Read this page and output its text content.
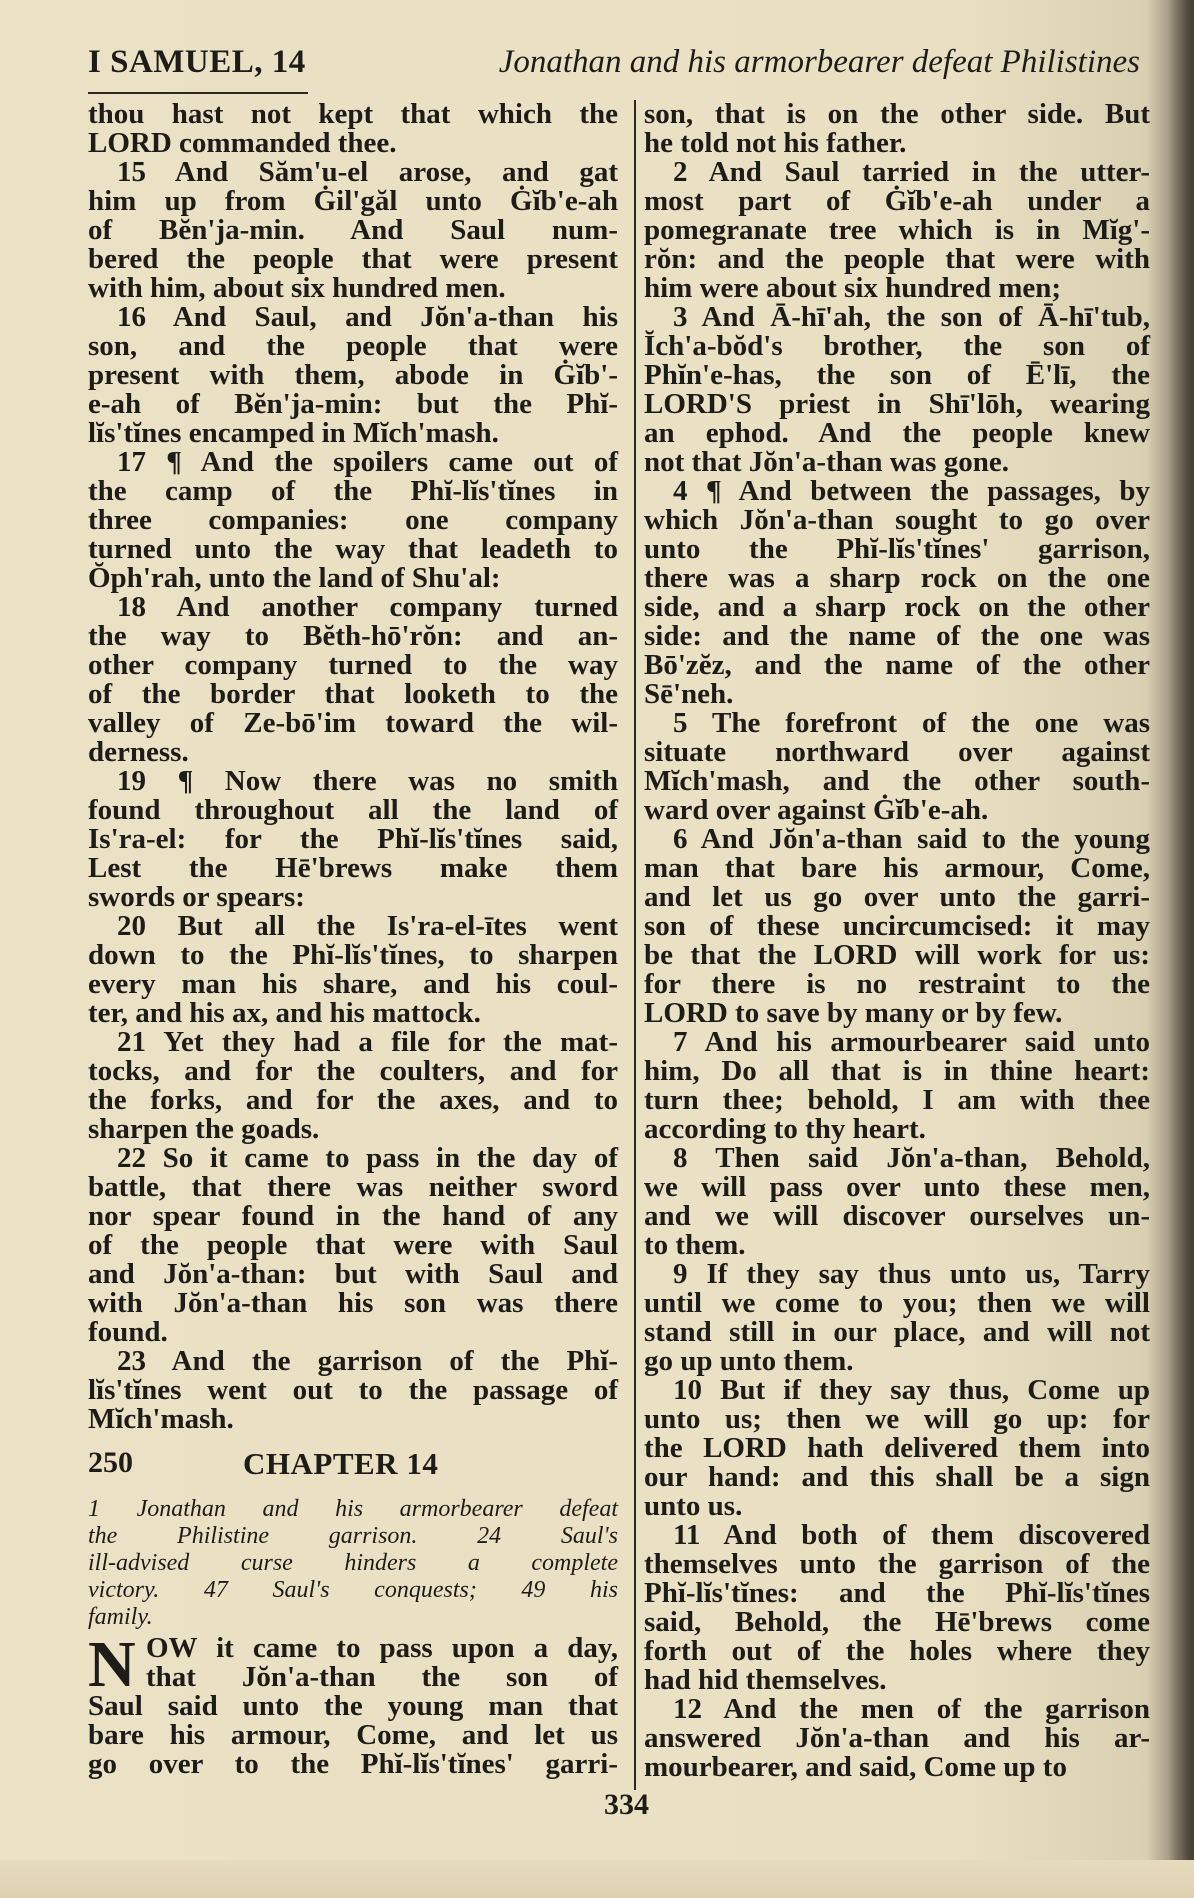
I SAMUEL, 14	Jonathan and his armorbearer defeat Philistines
thou hast not kept that which the
LORD commanded thee.
 15 And Săm'u-el arose, and gat
him up from Ġil'găl unto Ġĭb'e-ah
of Bĕn'ja-min. And Saul num-
bered the people that were present
with him, about six hundred men.
 16 And Saul, and Jŏn'a-than his
son, and the people that were
present with them, abode in Ġĭb'-
e-ah of Bĕn'ja-min: but the Phĭ-
lĭs'tĭnes encamped in Mĭch'mash.
 17 ¶ And the spoilers came out of
the camp of the Phĭ-lĭs'tĭnes in
three companies: one company
turned unto the way that leadeth to
Ŏph'rah, unto the land of Shu'al:
 18 And another company turned
the way to Bĕth-hō'rŏn: and an-
other company turned to the way
of the border that looketh to the
valley of Ze-bō'im toward the wil-
derness.
 19 ¶ Now there was no smith
found throughout all the land of
Is'ra-el: for the Phĭ-lĭs'tĭnes said,
Lest the Hē'brews make them
swords or spears:
 20 But all the Is'ra-el-ītes went
down to the Phĭ-lĭs'tĭnes, to sharpen
every man his share, and his coul-
ter, and his ax, and his mattock.
 21 Yet they had a file for the mat-
tocks, and for the coulters, and for
the forks, and for the axes, and to
sharpen the goads.
 22 So it came to pass in the day of
battle, that there was neither sword
nor spear found in the hand of any
of the people that were with Saul
and Jŏn'a-than: but with Saul and
with Jŏn'a-than his son was there
found.
 23 And the garrison of the Phĭ-
lĭs'tĭnes went out to the passage of
Mĭch'mash.
250	CHAPTER 14
1 Jonathan and his armorbearer defeat
the Philistine garrison. 24 Saul's
ill-advised curse hinders a complete
victory. 47 Saul's conquests; 49 his
family.
N OW it came to pass upon a day,
that Jŏn'a-than the son of
Saul said unto the young man that
bare his armour, Come, and let us
go over to the Phĭ-lĭs'tĭnes' garri-
son, that is on the other side. But
he told not his father.
 2 And Saul tarried in the utter-
most part of Ġĭb'e-ah under a
pomegranate tree which is in Mĭg'-
rŏn: and the people that were with
him were about six hundred men;
 3 And Ā-hī'ah, the son of Ā-hī'tub,
Ĭch'a-bŏd's brother, the son of
Phĭn'e-has, the son of Ē'lī, the
LORD'S priest in Shī'lōh, wearing
an ephod. And the people knew
not that Jŏn'a-than was gone.
 4 ¶ And between the passages, by
which Jŏn'a-than sought to go over
unto the Phĭ-lĭs'tĭnes' garrison,
there was a sharp rock on the one
side, and a sharp rock on the other
side: and the name of the one was
Bō'zĕz, and the name of the other
Sē'neh.
 5 The forefront of the one was
situate northward over against
Mĭch'mash, and the other south-
ward over against Ġĭb'e-ah.
 6 And Jŏn'a-than said to the young
man that bare his armour, Come,
and let us go over unto the garri-
son of these uncircumcised: it may
be that the LORD will work for us:
for there is no restraint to the
LORD to save by many or by few.
 7 And his armourbearer said unto
him, Do all that is in thine heart:
turn thee; behold, I am with thee
according to thy heart.
 8 Then said Jŏn'a-than, Behold,
we will pass over unto these men,
and we will discover ourselves un-
to them.
 9 If they say thus unto us, Tarry
until we come to you; then we will
stand still in our place, and will not
go up unto them.
 10 But if they say thus, Come up
unto us; then we will go up: for
the LORD hath delivered them into
our hand: and this shall be a sign
unto us.
 11 And both of them discovered
themselves unto the garrison of the
Phĭ-lĭs'tĭnes: and the Phĭ-lĭs'tĭnes
said, Behold, the Hē'brews come
forth out of the holes where they
had hid themselves.
 12 And the men of the garrison
answered Jŏn'a-than and his ar-
mourbearer, and said, Come up to
334
